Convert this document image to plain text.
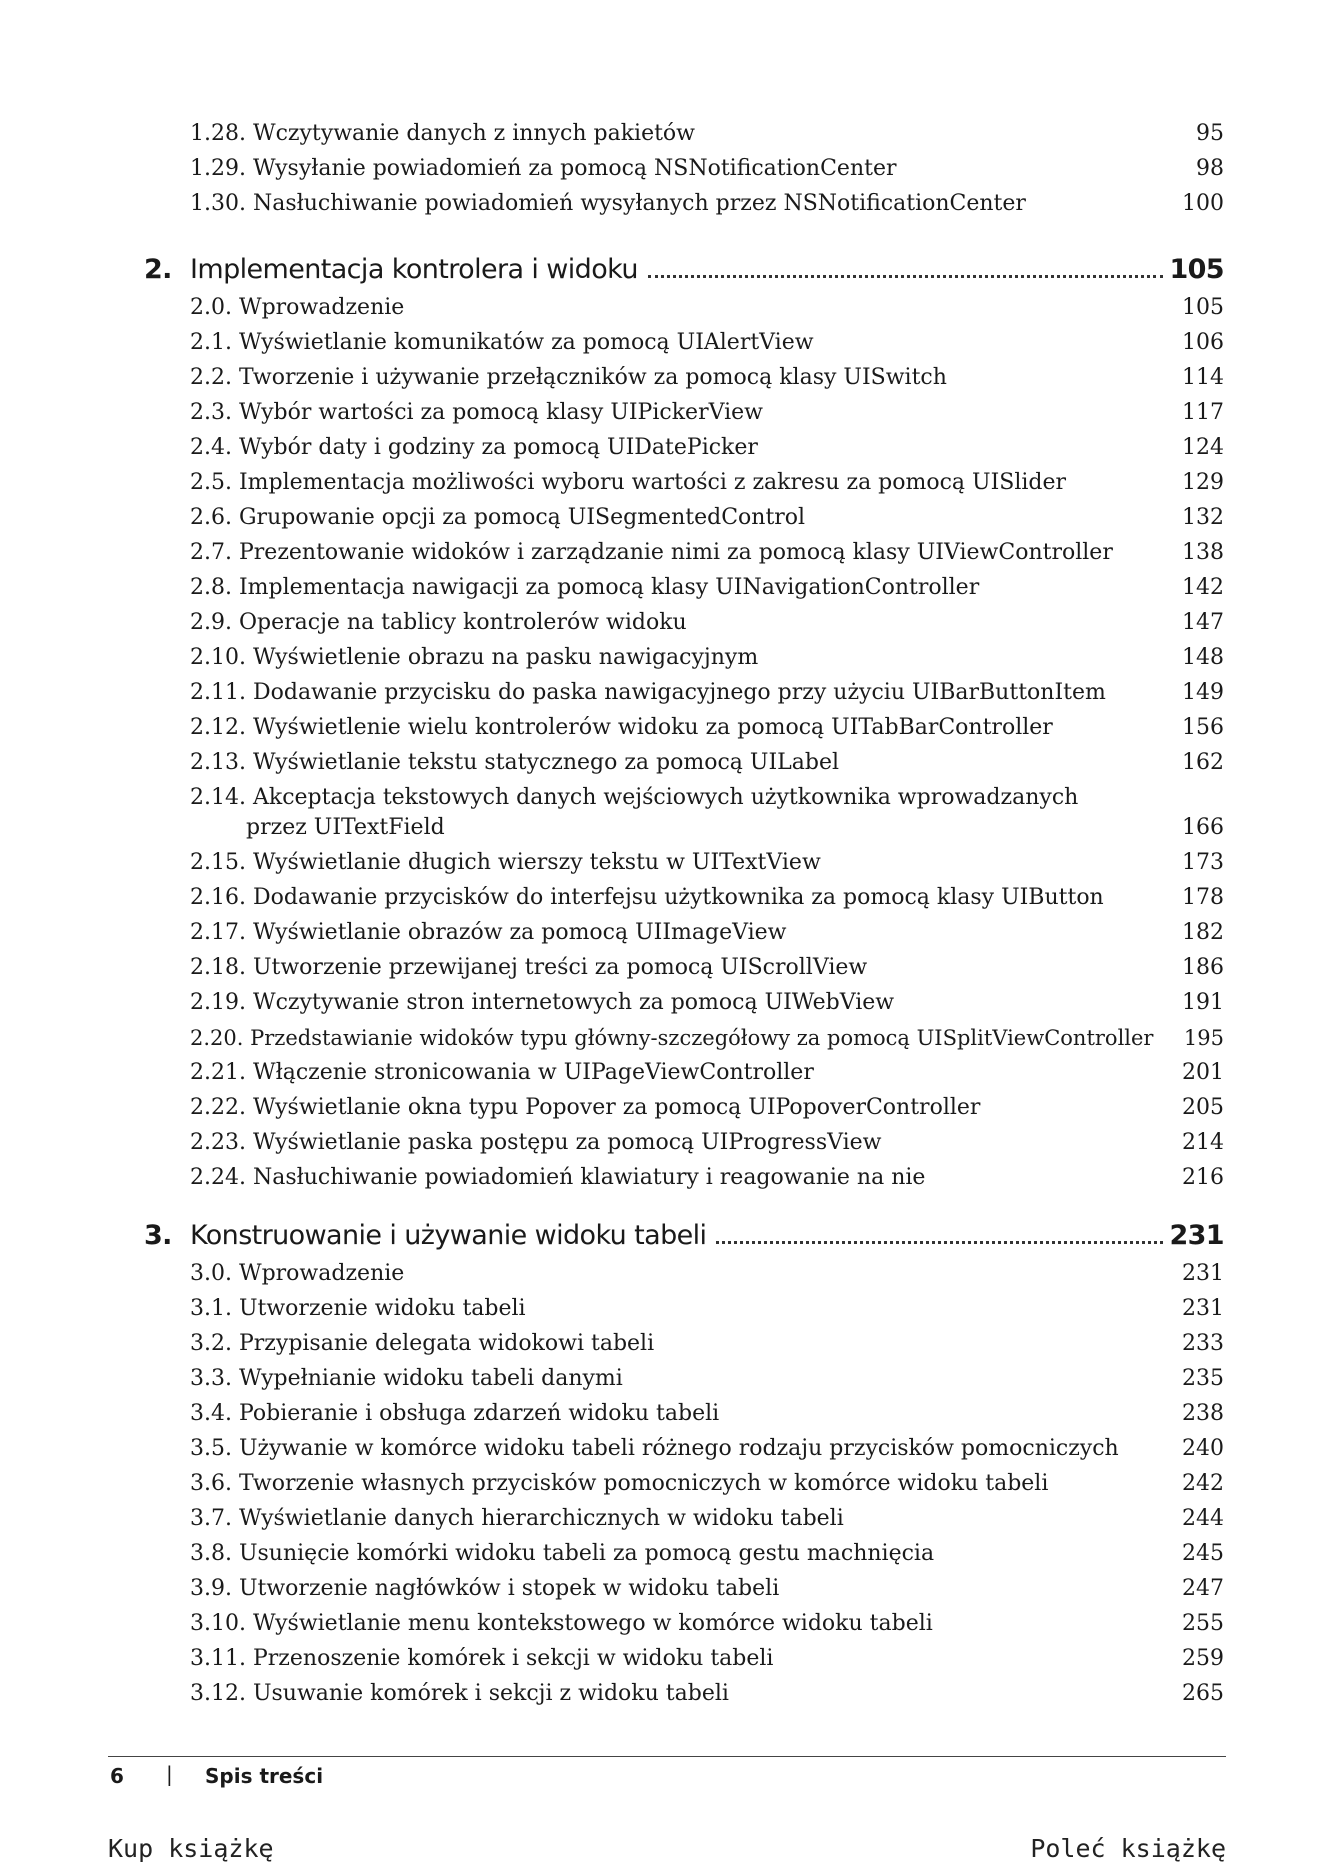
1.28. Wczytywanie danych z innych pakietów	95
1.29. Wysyłanie powiadomień za pomocą NSNotificationCenter	98
1.30. Nasłuchiwanie powiadomień wysyłanych przez NSNotificationCenter	100
2. Implementacja kontrolera i widoku	105
2.0. Wprowadzenie	105
2.1. Wyświetlanie komunikatów za pomocą UIAlertView	106
2.2. Tworzenie i używanie przełączników za pomocą klasy UISwitch	114
2.3. Wybór wartości za pomocą klasy UIPickerView	117
2.4. Wybór daty i godziny za pomocą UIDatePicker	124
2.5. Implementacja możliwości wyboru wartości z zakresu za pomocą UISlider	129
2.6. Grupowanie opcji za pomocą UISegmentedControl	132
2.7. Prezentowanie widoków i zarządzanie nimi za pomocą klasy UIViewController	138
2.8. Implementacja nawigacji za pomocą klasy UINavigationController	142
2.9. Operacje na tablicy kontrolerów widoku	147
2.10. Wyświetlenie obrazu na pasku nawigacyjnym	148
2.11. Dodawanie przycisku do paska nawigacyjnego przy użyciu UIBarButtonItem	149
2.12. Wyświetlenie wielu kontrolerów widoku za pomocą UITabBarController	156
2.13. Wyświetlanie tekstu statycznego za pomocą UILabel	162
2.14. Akceptacja tekstowych danych wejściowych użytkownika wprowadzanych
przez UITextField	166
2.15. Wyświetlanie długich wierszy tekstu w UITextView	173
2.16. Dodawanie przycisków do interfejsu użytkownika za pomocą klasy UIButton	178
2.17. Wyświetlanie obrazów za pomocą UIImageView	182
2.18. Utworzenie przewijanej treści za pomocą UIScrollView	186
2.19. Wczytywanie stron internetowych za pomocą UIWebView	191
2.20. Przedstawianie widoków typu główny-szczegółowy za pomocą UISplitViewController 195
2.21. Włączenie stronicowania w UIPageViewController	201
2.22. Wyświetlanie okna typu Popover za pomocą UIPopoverController	205
2.23. Wyświetlanie paska postępu za pomocą UIProgressView	214
2.24. Nasłuchiwanie powiadomień klawiatury i reagowanie na nie	216
3. Konstruowanie i używanie widoku tabeli	231
3.0. Wprowadzenie	231
3.1. Utworzenie widoku tabeli	231
3.2. Przypisanie delegata widokowi tabeli	233
3.3. Wypełnianie widoku tabeli danymi	235
3.4. Pobieranie i obsługa zdarzeń widoku tabeli	238
3.5. Używanie w komórce widoku tabeli różnego rodzaju przycisków pomocniczych	240
3.6. Tworzenie własnych przycisków pomocniczych w komórce widoku tabeli	242
3.7. Wyświetlanie danych hierarchicznych w widoku tabeli	244
3.8. Usunięcie komórki widoku tabeli za pomocą gestu machnięcia	245
3.9. Utworzenie nagłówków i stopek w widoku tabeli	247
3.10. Wyświetlanie menu kontekstowego w komórce widoku tabeli	255
3.11. Przenoszenie komórek i sekcji w widoku tabeli	259
3.12. Usuwanie komórek i sekcji z widoku tabeli	265
6 | Spis treści
Kup książkę	Poleć książkę
